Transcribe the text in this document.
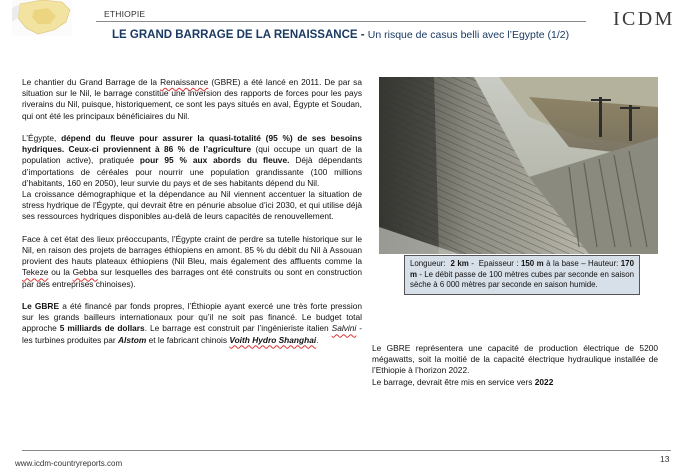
ETHIOPIE	ICDM
LE GRAND BARRAGE DE LA RENAISSANCE - Un risque de casus belli avec l’Egypte (1/2)

Le chantier du Grand Barrage de la Renaissance (GBRE) a été lancé en 2011. De par sa situation sur le Nil, le barrage constitue une inversion des rapports de forces pour les pays riverains du Nil, puisque, historiquement, ce sont les pays situés en aval, Égypte et Soudan, qui ont été les principaux bénéficiaires du Nil.

L’Égypte, dépend du fleuve pour assurer la quasi-totalité (95 %) de ses besoins hydriques. Ceux-ci proviennent à 86 % de l’agriculture (qui occupe un quart de la population active), pratiquée pour 95 % aux abords du fleuve. Déjà dépendants d’importations de céréales pour nourrir une population grandissante (100 millions d’habitants, 160 en 2050), leur survie du pays et de ses habitants dépend du Nil.

La croissance démographique et la dépendance au Nil viennent accentuer la situation de stress hydrique de l’Égypte, qui devrait être en pénurie absolue d’ici 2030, et qui utilise déjà ses ressources hydriques disponibles au-delà de leurs capacités de renouvellement.

Face à cet état des lieux préoccupants, l’Égypte craint de perdre sa tutelle historique sur le Nil, en raison des projets de barrages éthiopiens en amont. 85 % du débit du Nil à Assouan provient des hauts plateaux éthiopiens (Nil Bleu, mais également des affluents comme la Tekeze ou la Gebba sur lesquelles des barrages ont été construits ou sont en construction par des entreprises chinoises).

Le GBRE a été financé par fonds propres, l’Éthiopie ayant exercé une très forte pression sur les grands bailleurs internationaux pour qu’il ne soit pas financé. Le budget total approche 5 milliards de dollars. Le barrage est construit par l’ingénieriste italien Salvini - les turbines produites par Alstom et le fabricant chinois Voith Hydro Shanghai.

Longueur:  2 km -  Epaisseur : 150 m à la base – Hauteur: 170 m - Le débit passe de 100 mètres cubes par seconde en saison sèche à 6 000 mètres par seconde en saison humide.

Le GBRE représentera une capacité de production électrique de 5200 mégawatts, soit la moitié de la capacité électrique hydraulique installée de l’Ethiopie à l’horizon 2022.

Le barrage, devrait être mis en service vers 2022

www.icdm-countryreports.com	13
